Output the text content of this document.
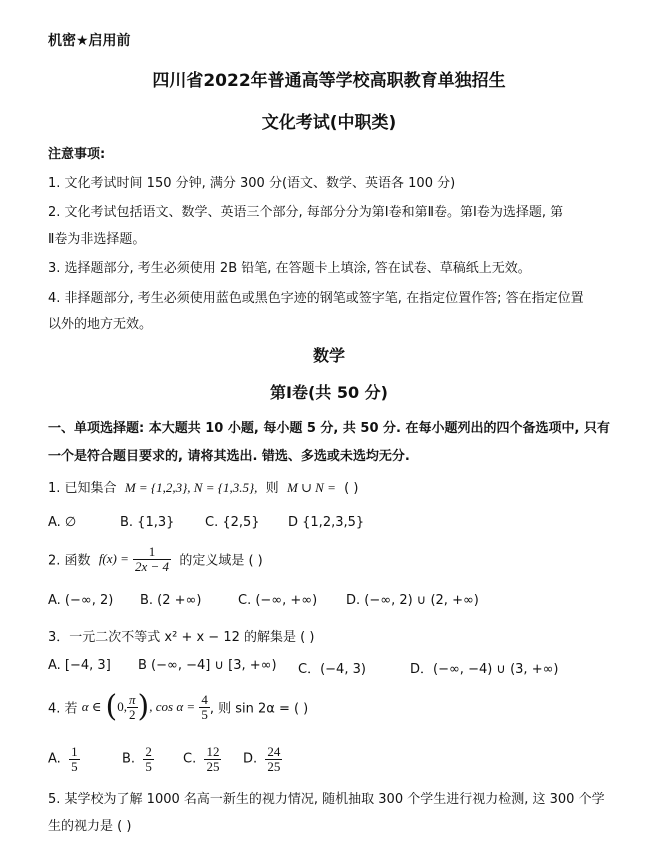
机密★启用前
四川省2022年普通高等学校高职教育单独招生
文化考试(中职类)
注意事项:
1. 文化考试时间 150 分钟, 满分 300 分(语文、数学、英语各 100 分)
2. 文化考试包括语文、数学、英语三个部分, 每部分分为第Ⅰ卷和第Ⅱ卷。第Ⅰ卷为选择题, 第
Ⅱ卷为非选择题。
3. 选择题部分, 考生必须使用 2B 铅笔, 在答题卡上填涂, 答在试卷、草稿纸上无效。
4. 非择题部分, 考生必须使用蓝色或黑色字迹的钢笔或签字笔, 在指定位置作答; 答在指定位置
以外的地方无效。
数学
第Ⅰ卷(共 50 分)
一、单项选择题: 本大题共 10 小题, 每小题 5 分, 共 50 分. 在每小题列出的四个备选项中, 只有
一个是符合题目要求的, 请将其选出. 错选、多选或未选均无分.
1. 已知集合 M = {1,2,3}, N = {1,3.5}, 则 M ∪ N = ( )
A. ∅	B. {1,3} C. {2,5} D {1,2,3,5}
2. 函数 $f(x) = \frac{1}{2x - 4}$ 的定义域是 ( )
A. (−∞, 2) B. (2 +∞)	C. (−∞, +∞) D. (−∞, 2) ∪ (2, +∞)
3．一元二次不等式 x² + x − 12 的解集是 ( )
A. [−4, 3] B (−∞, −4] ∪ [3, +∞) C．(−4, 3)	D．(−∞, −4) ∪ (3, +∞)
4. 若 α ∈ (0, $\frac{\pi}{2}$ ), $\cos \alpha = \frac{4}{5}$ , 则 sin 2α = ( )
A. $\frac{1}{5}$	B. $\frac{2}{5} C$. $\frac{12}{25} D$. $\frac{24}{25}$
5. 某学校为了解 1000 名高一新生的视力情况, 随机抽取 300 个学生进行视力检测, 这 300 个学
生的视力是 ( )
